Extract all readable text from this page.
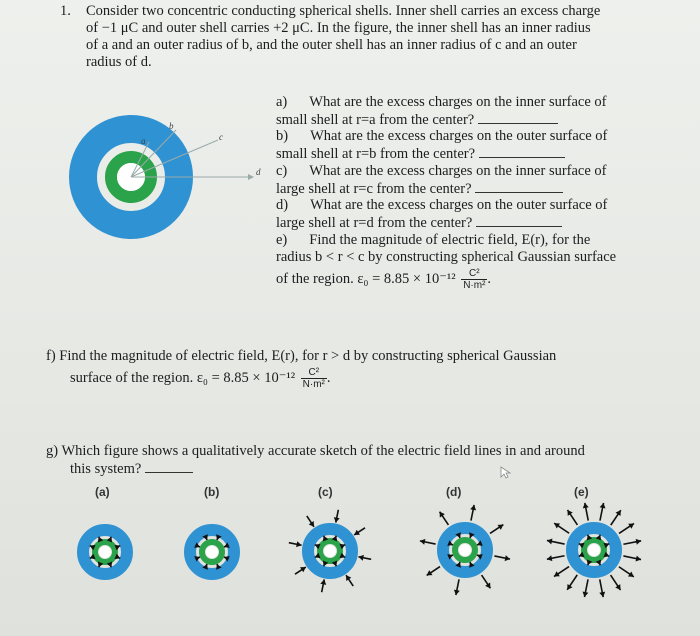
1. Consider two concentric conducting spherical shells. Inner shell carries an excess charge
of −1 μC and outer shell carries +2 μC. In the figure, the inner shell has an inner radius
of a and an outer radius of b, and the outer shell has an inner radius of c and an outer
radius of d.
a
b
c
d
a) What are the excess charges on the inner surface of
small shell at r=a from the center?
b) What are the excess charges on the outer surface of
small shell at r=b from the center?
c) What are the excess charges on the inner surface of
large shell at r=c from the center?
d) What are the excess charges on the outer surface of
large shell at r=d from the center?
e) Find the magnitude of electric field, E(r), for the
radius b < r < c by constructing spherical Gaussian surface
of the region. $\varepsilon_0 = 8.85 \times 10^{-12} \frac{\text{C²}}{\text{N·m²}}$ .
f) Find the magnitude of electric field, E(r), for r > d by constructing spherical Gaussian
surface of the region. $\varepsilon_0 = 8.85 \times 10^{-12} \frac{\text{C²}}{\text{N·m²}}$ .
g) Which figure shows a qualitatively accurate sketch of the electric field lines in and around
this system?
(a)	(b)	(c)	(d)	(e)
